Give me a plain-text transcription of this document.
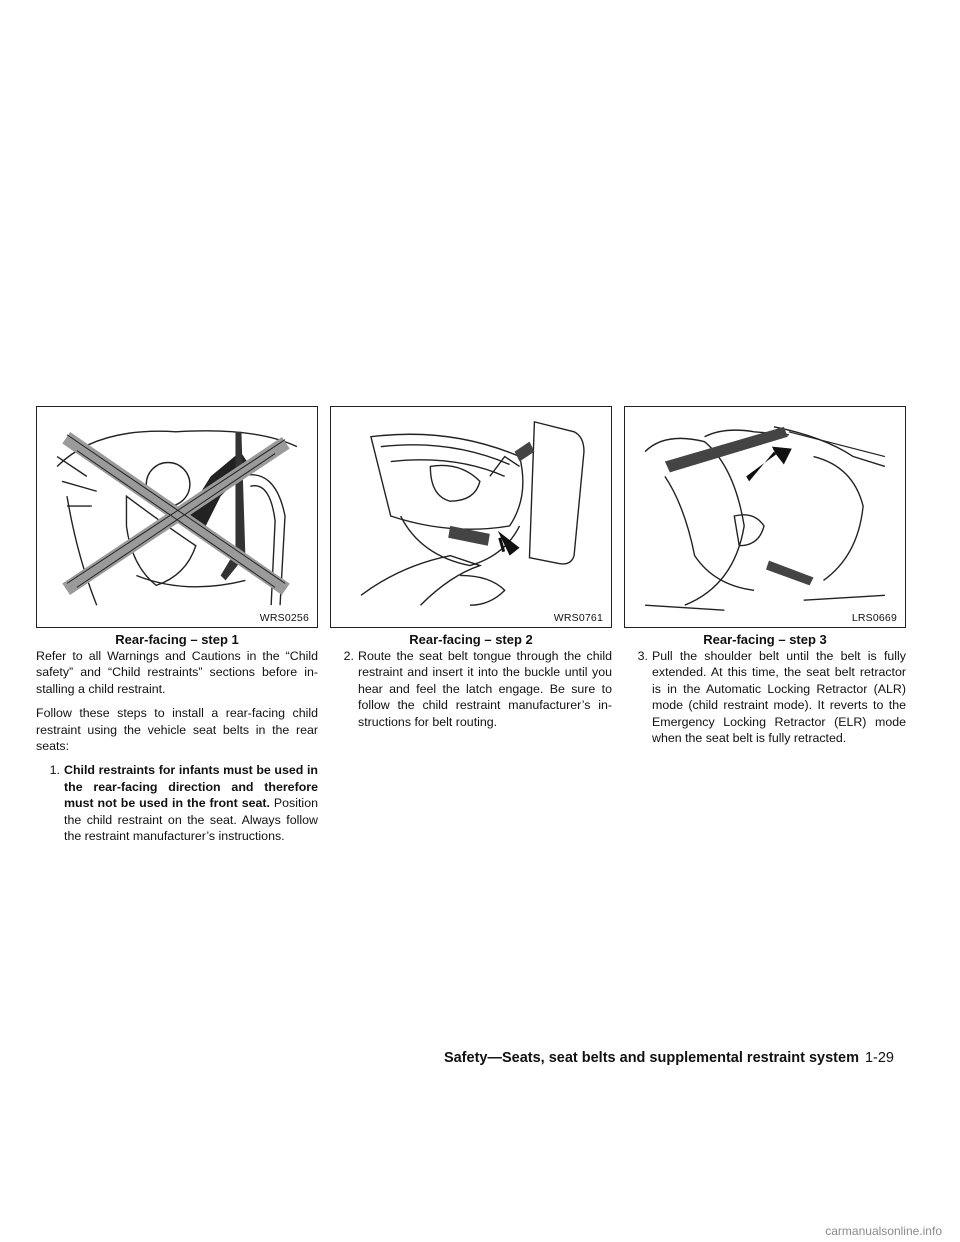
WRS0256
Rear-facing – step 1
WRS0761
Rear-facing – step 2
LRS0669
Rear-facing – step 3

Refer to all Warnings and Cautions in the “Child safety” and “Child restraints” sections before in-stalling a child restraint.

Follow these steps to install a rear-facing child restraint using the vehicle seat belts in the rear seats:

1. Child restraints for infants must be used in the rear-facing direction and therefore must not be used in the front seat. Position the child restraint on the seat. Always follow the restraint manufacturer’s instructions.
2. Route the seat belt tongue through the child restraint and insert it into the buckle until you hear and feel the latch engage. Be sure to follow the child restraint manufacturer’s in-structions for belt routing.
3. Pull the shoulder belt until the belt is fully extended. At this time, the seat belt retractor is in the Automatic Locking Retractor (ALR) mode (child restraint mode). It reverts to the Emergency Locking Retractor (ELR) mode when the seat belt is fully retracted.
Safety—Seats, seat belts and supplemental restraint system 1-29
carmanualsonline.info
